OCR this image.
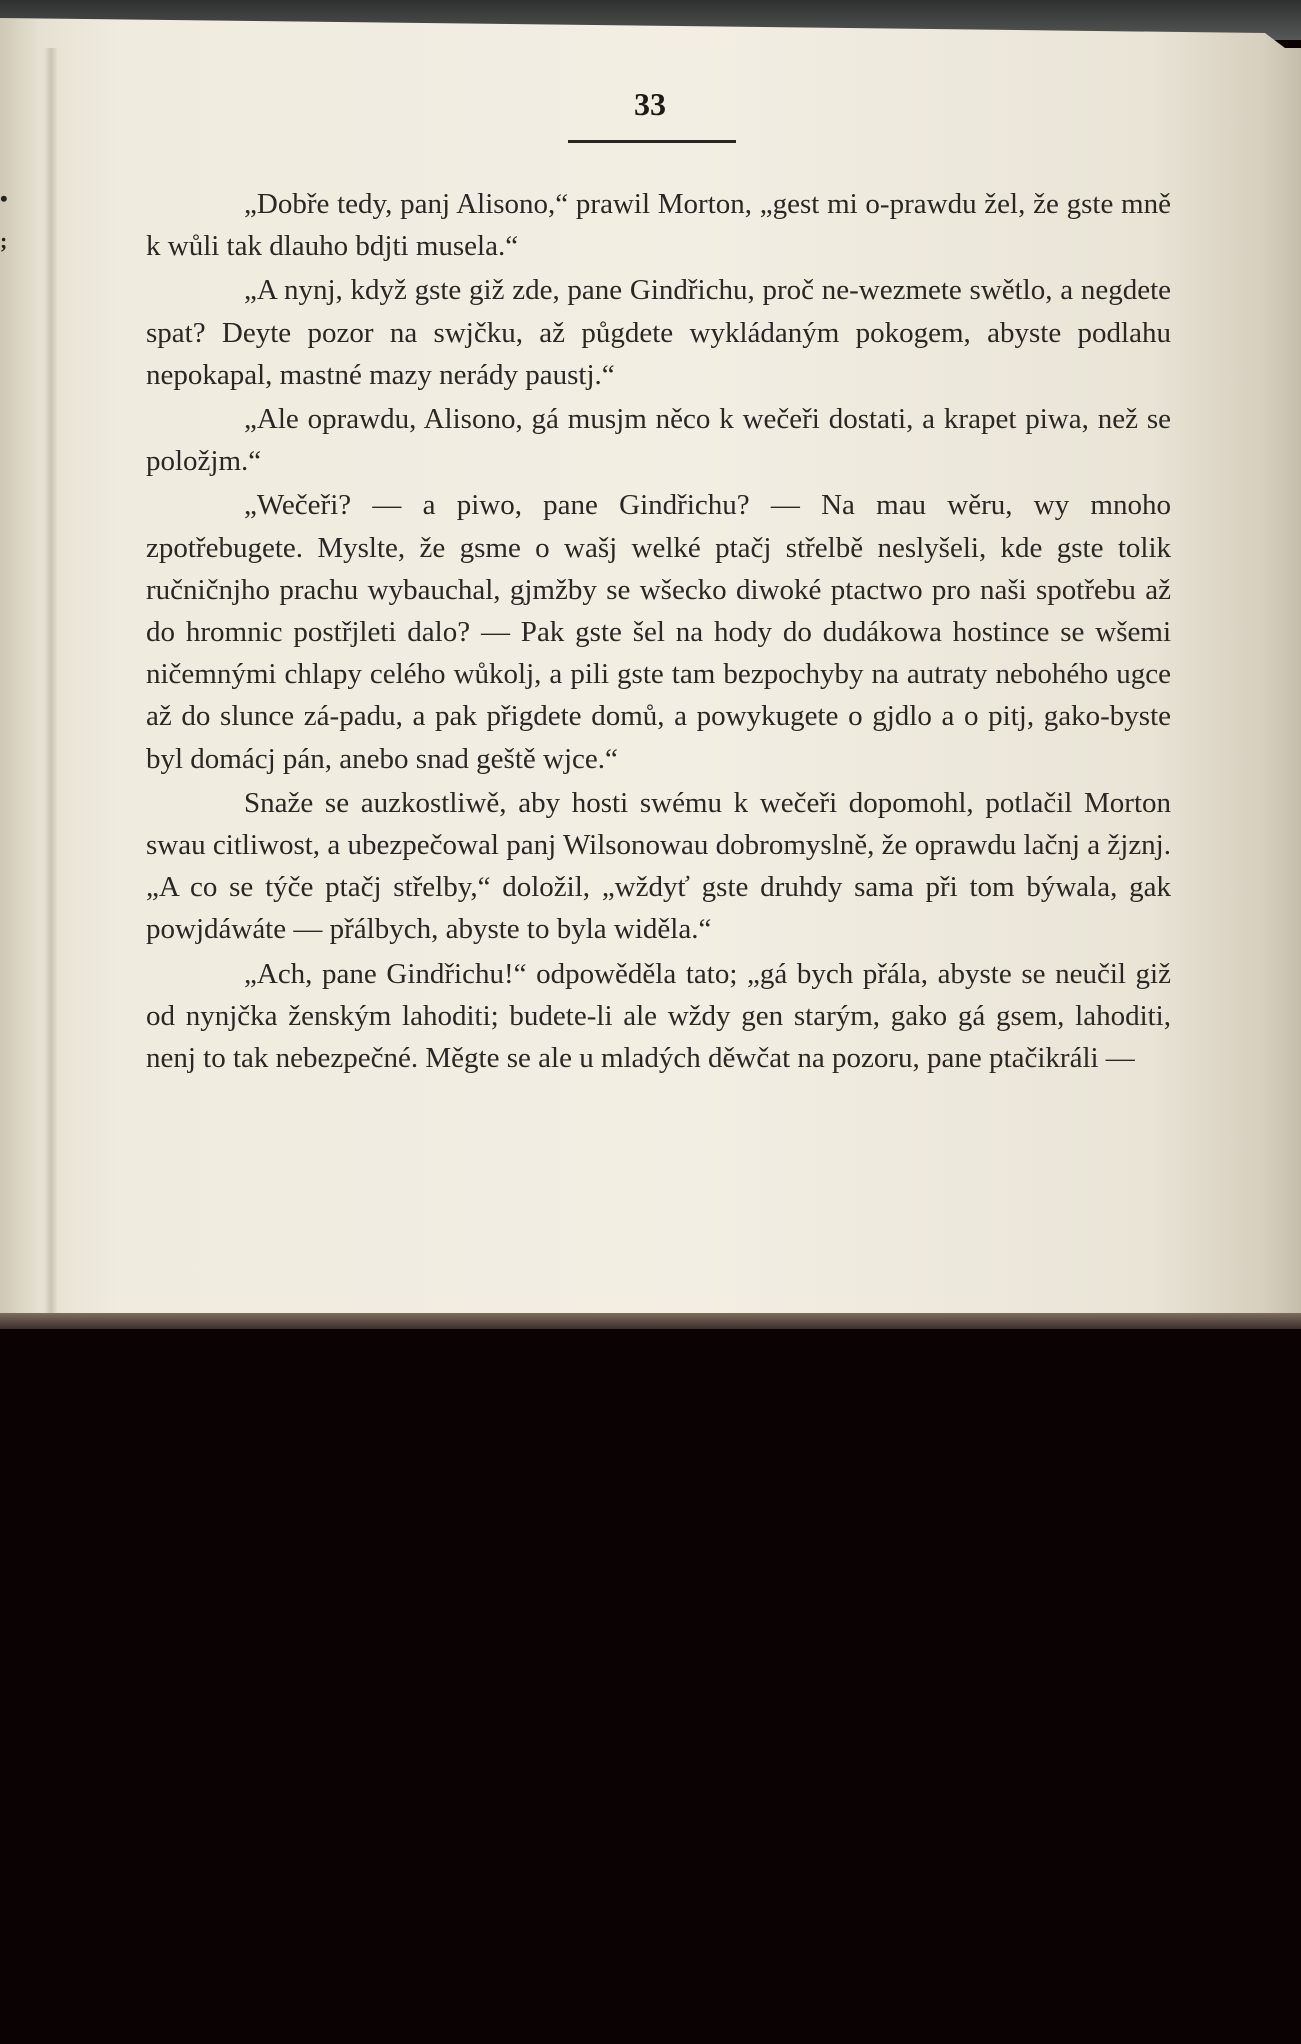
•
;
33

„Dobře tedy, panj Alisono,“ prawil Morton, „gest mi o-prawdu žel, že gste mně k wůli tak dlauho bdjti musela.“

„A nynj, když gste giž zde, pane Gindřichu, proč ne-wezmete swětlo, a negdete spat? Deyte pozor na swjčku, až půgdete wykládaným pokogem, abyste podlahu nepokapal, mastné mazy nerády paustj.“

„Ale oprawdu, Alisono, gá musjm něco k wečeři dostati, a krapet piwa, než se položjm.“

„Wečeři? — a piwo, pane Gindřichu? — Na mau wěru, wy mnoho zpotřebugete. Myslte, že gsme o wašj welké ptačj střelbě neslyšeli, kde gste tolik ručničnjho prachu wybauchal, gjmžby se wšecko diwoké ptactwo pro naši spotřebu až do hromnic postřjleti dalo? — Pak gste šel na hody do dudákowa hostince se wšemi ničemnými chlapy celého wůkolj, a pili gste tam bezpochyby na autraty nebohého ugce až do slunce zá-padu, a pak přigdete domů, a powykugete o gjdlo a o pitj, gako-byste byl domácj pán, anebo snad geště wjce.“

Snaže se auzkostliwě, aby hosti swému k wečeři dopomohl, potlačil Morton swau citliwost, a ubezpečowal panj Wilsonowau dobromyslně, že oprawdu lačnj a žjznj. „A co se týče ptačj střelby,“ doložil, „wždyť gste druhdy sama při tom býwala, gak powjdáwáte — přálbych, abyste to byla widěla.“

„Ach, pane Gindřichu!“ odpowěděla tato; „gá bych přála, abyste se neučil giž od nynjčka ženským lahoditi; budete-li ale wždy gen starým, gako gá gsem, lahoditi, nenj to tak nebezpečné. Měgte se ale u mladých děwčat na pozoru, pane ptačikráli —
